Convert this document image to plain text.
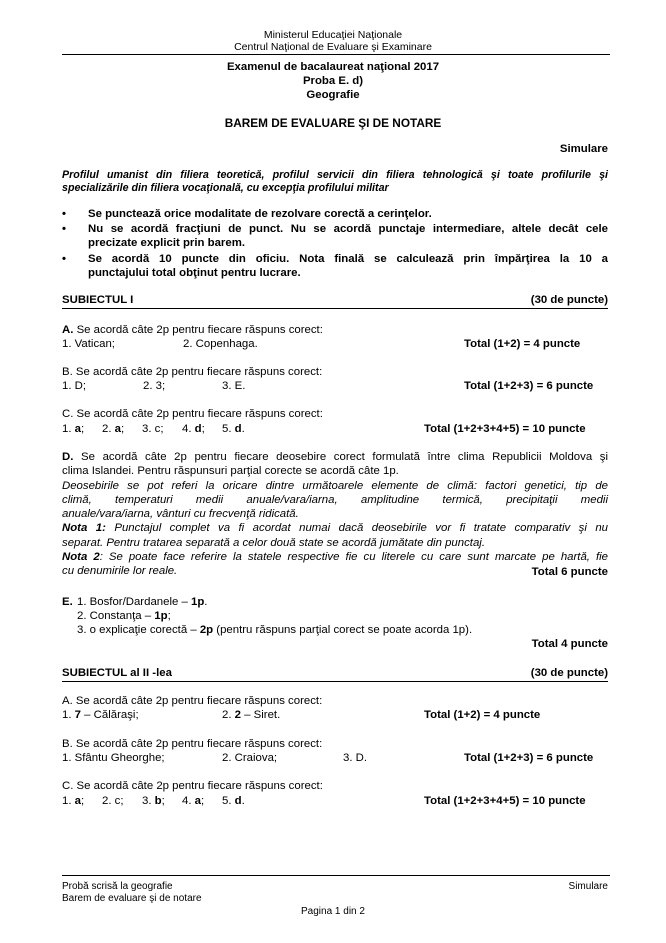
Ministerul Educaţiei Naţionale
Centrul Naţional de Evaluare şi Examinare
Examenul de bacalaureat naţional 2017
Proba E. d)
Geografie
BAREM DE EVALUARE ŞI DE NOTARE
Simulare
Profilul umanist din filiera teoretică, profilul servicii din filiera tehnologică şi toate profilurile şi
specializările din filiera vocaţională, cu excepţia profilului militar
• Se punctează orice modalitate de rezolvare corectă a cerinţelor.
• Nu se acordă fracţiuni de punct. Nu se acordă punctaje intermediare, altele decât cele
precizate explicit prin barem.
• Se acordă 10 puncte din oficiu. Nota finală se calculează prin împărţirea la 10 a
punctajului total obţinut pentru lucrare.
SUBIECTUL I	(30 de puncte)
A. Se acordă câte 2p pentru fiecare răspuns corect:
1. Vatican;	2. Copenhaga.	Total (1+2) = 4 puncte
B. Se acordă câte 2p pentru fiecare răspuns corect:
1. D;	2. 3;	3. E.	Total (1+2+3) = 6 puncte
C. Se acordă câte 2p pentru fiecare răspuns corect:
1. a; 2. a; 3. c; 4. d; 5. d.	Total (1+2+3+4+5) = 10 puncte
D. Se acordă câte 2p pentru fiecare deosebire corect formulată între clima Republicii Moldova şi
clima Islandei. Pentru răspunsuri parţial corecte se acordă câte 1p.
Deosebirile se pot referi la oricare dintre următoarele elemente de climă: factori genetici, tip de
climă, temperaturi medii anuale/vara/iarna, amplitudine termică, precipitaţii medii
anuale/vara/iarna, vânturi cu frecvenţă ridicată.
Nota 1: Punctajul complet va fi acordat numai dacă deosebirile vor fi tratate comparativ şi nu
separat. Pentru tratarea separată a celor două state se acordă jumătate din punctaj.
Nota 2: Se poate face referire la statele respective fie cu literele cu care sunt marcate pe hartă, fie
cu denumirile lor reale.	Total 6 puncte
E. 1. Bosfor/Dardanele – 1p.
2. Constanţa – 1p;
3. o explicaţie corectă – 2p (pentru răspuns parţial corect se poate acorda 1p).
Total 4 puncte
SUBIECTUL al II -lea	(30 de puncte)
A. Se acordă câte 2p pentru fiecare răspuns corect:
1. 7 – Călăraşi;	2. 2 – Siret.	Total (1+2) = 4 puncte
B. Se acordă câte 2p pentru fiecare răspuns corect:
1. Sfântu Gheorghe;	2. Craiova;	3. D.	Total (1+2+3) = 6 puncte
C. Se acordă câte 2p pentru fiecare răspuns corect:
1. a; 2. c; 3. b; 4. a; 5. d.	Total (1+2+3+4+5) = 10 puncte
Probă scrisă la geografie
Barem de evaluare şi de notare
Simulare
Pagina 1 din 2
